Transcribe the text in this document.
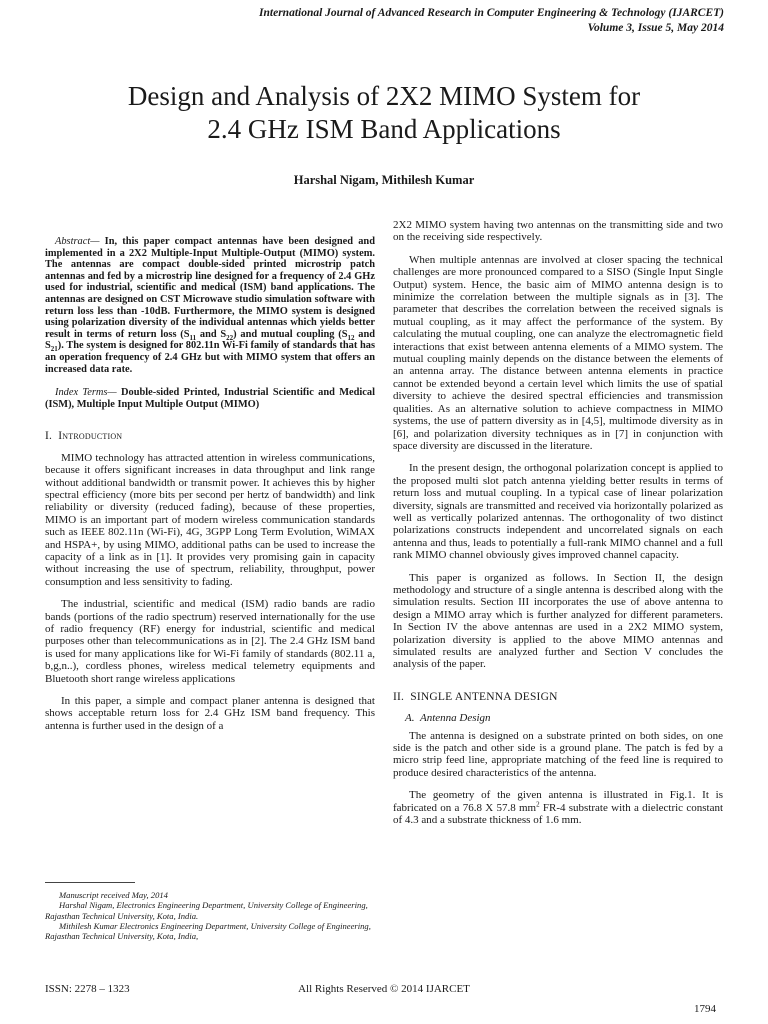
International Journal of Advanced Research in Computer Engineering & Technology (IJARCET)
Volume 3, Issue 5, May 2014
Design and Analysis of 2X2 MIMO System for
2.4 GHz ISM Band Applications
Harshal Nigam, Mithilesh Kumar

Abstract— In, this paper compact antennas have been designed and implemented in a 2X2 Multiple-Input Multiple-Output (MIMO) system. The antennas are compact double-sided printed microstrip patch antennas and fed by a microstrip line designed for a frequency of 2.4 GHz used for industrial, scientific and medical (ISM) band applications. The antennas are designed on CST Microwave studio simulation software with return loss less than -10dB. Furthermore, the MIMO system is designed using polarization diversity of the individual antennas which yields better result in terms of return loss ($S_{11}$ and $S_{22}$) and mutual coupling ($S_{12}$ and $S_{21}$). The system is designed for 802.11n Wi-Fi family of standards that has an operation frequency of 2.4 GHz but with MIMO system that offers an increased data rate.

Index Terms— Double-sided Printed, Industrial Scientific and Medical (ISM), Multiple Input Multiple Output (MIMO)

I. Introduction

MIMO technology has attracted attention in wireless communications, because it offers significant increases in data throughput and link range without additional bandwidth or transmit power. It achieves this by higher spectral efficiency (more bits per second per hertz of bandwidth) and link reliability or diversity (reduced fading), because of these properties, MIMO is an important part of modern wireless communication standards such as IEEE 802.11n (Wi-Fi), 4G, 3GPP Long Term Evolution, WiMAX and HSPA+, by using MIMO, additional paths can be used to increase the capacity of a link as in [1]. It provides very promising gain in capacity without increasing the use of spectrum, reliability, throughput, power consumption and less sensitivity to fading.

The industrial, scientific and medical (ISM) radio bands are radio bands (portions of the radio spectrum) reserved internationally for the use of radio frequency (RF) energy for industrial, scientific and medical purposes other than telecommunications as in [2]. The 2.4 GHz ISM band is used for many applications like for Wi-Fi family of standards (802.11 a, b,g,n..), cordless phones, wireless medical telemetry equipments and Bluetooth short range wireless applications

In this paper, a simple and compact planer antenna is designed that shows acceptable return loss for 2.4 GHz ISM band frequency. This antenna is further used in the design of a

2X2 MIMO system having two antennas on the transmitting side and two on the receiving side respectively.

When multiple antennas are involved at closer spacing the technical challenges are more pronounced compared to a SISO (Single Input Single Output) system. Hence, the basic aim of MIMO antenna design is to minimize the correlation between the multiple signals as in [3]. The parameter that describes the correlation between the received signals is mutual coupling, as it may affect the performance of the system. By calculating the mutual coupling, one can analyze the electromagnetic field interactions that exist between antenna elements of a MIMO system. The mutual coupling mainly depends on the distance between the elements of an antenna array. The distance between antenna elements in practice cannot be extended beyond a certain level which limits the use of spatial diversity to achieve the desired spectral efficiencies and transmission qualities. As an alternative solution to achieve compactness in MIMO systems, the use of pattern diversity as in [4,5], multimode diversity as in [6], and polarization diversity techniques as in [7] in conjunction with space diversity are discussed in the literature.

In the present design, the orthogonal polarization concept is applied to the proposed multi slot patch antenna yielding better results in terms of return loss and mutual coupling. In a typical case of linear polarization diversity, signals are transmitted and received via horizontally polarized as well as vertically polarized antennas. The orthogonality of two distinct polarizations constructs independent and uncorrelated signals on each antenna and thus, leads to potentially a full-rank MIMO channel and a full rank MIMO channel obviously gives improved channel capacity.

This paper is organized as follows. In Section II, the design methodology and structure of a single antenna is described along with the simulation results. Section III incorporates the use of above antenna to design a MIMO array which is further analyzed for different parameters. In Section IV the above antennas are used in a 2X2 MIMO system, polarization diversity is applied to the above MIMO antennas and simulated results are analyzed further and Section V concludes the analysis of the paper.

II. SINGLE ANTENNA DESIGN

A. Antenna Design

The antenna is designed on a substrate printed on both sides, on one side is the patch and other side is a ground plane. The patch is fed by a micro strip feed line, appropriate matching of the feed line is required to produce desired characteristics of the antenna.

The geometry of the given antenna is illustrated in Fig.1. It is fabricated on a 76.8 X 57.8 $mm^2$ FR-4 substrate with a dielectric constant of 4.3 and a substrate thickness of 1.6 mm.

Manuscript received May, 2014

Harshal Nigam, Electronics Engineering Department, University College of Engineering, Rajasthan Technical University, Kota, India.

Mithilesh Kumar Electronics Engineering Department, University College of Engineering, Rajasthan Technical University, Kota, India,

ISSN: 2278 – 1323	All Rights Reserved © 2014 IJARCET
1794
